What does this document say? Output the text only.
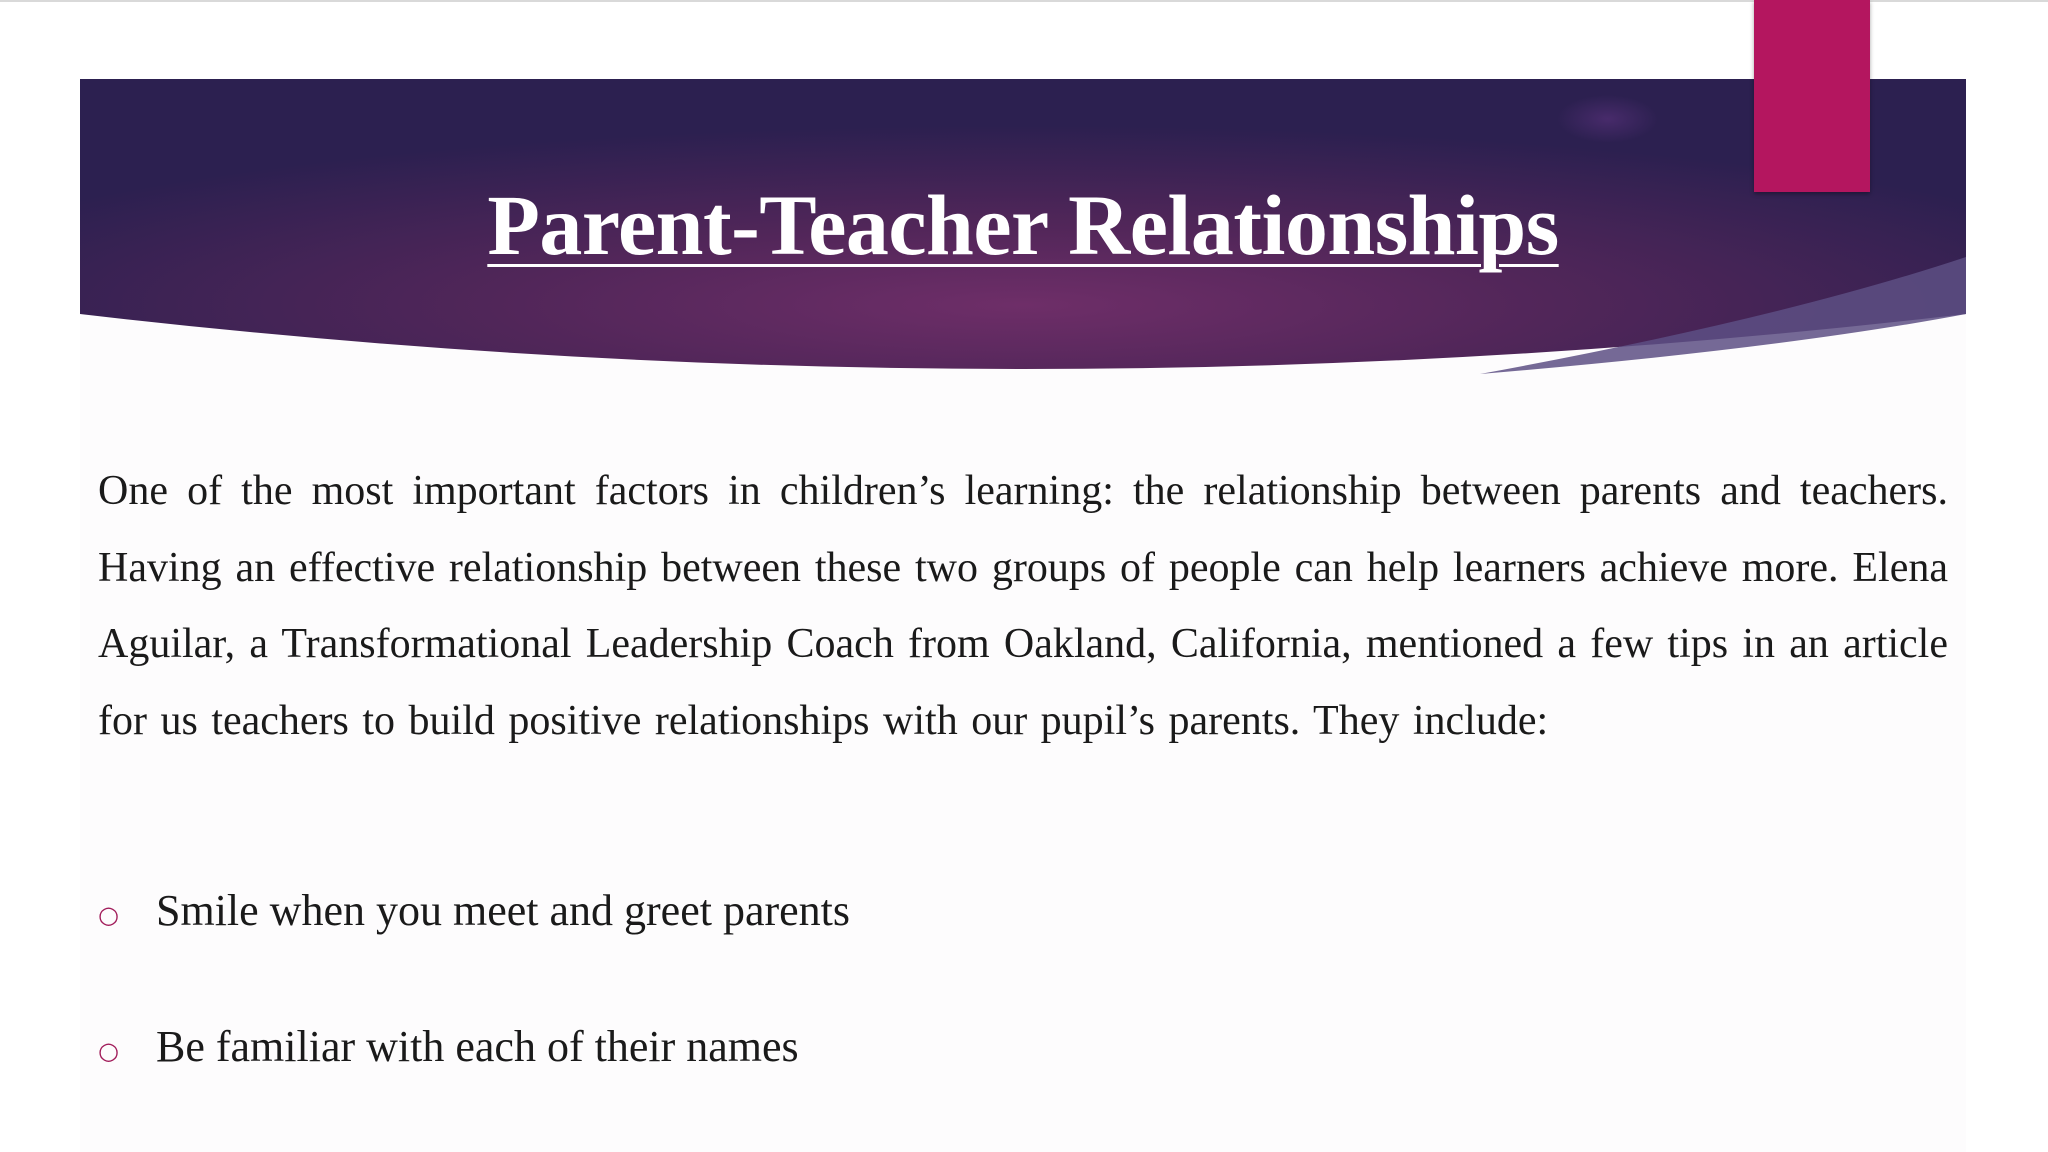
Parent-Teacher Relationships

One of the most important factors in children’s learning: the relationship between parents and teachers. Having an effective relationship between these two groups of people can help learners achieve more. Elena Aguilar, a Transformational Leadership Coach from Oakland, California, mentioned a few tips in an article for us teachers to build positive relationships with our pupil’s parents. They include:

○ Smile when you meet and greet parents
○ Be familiar with each of their names
